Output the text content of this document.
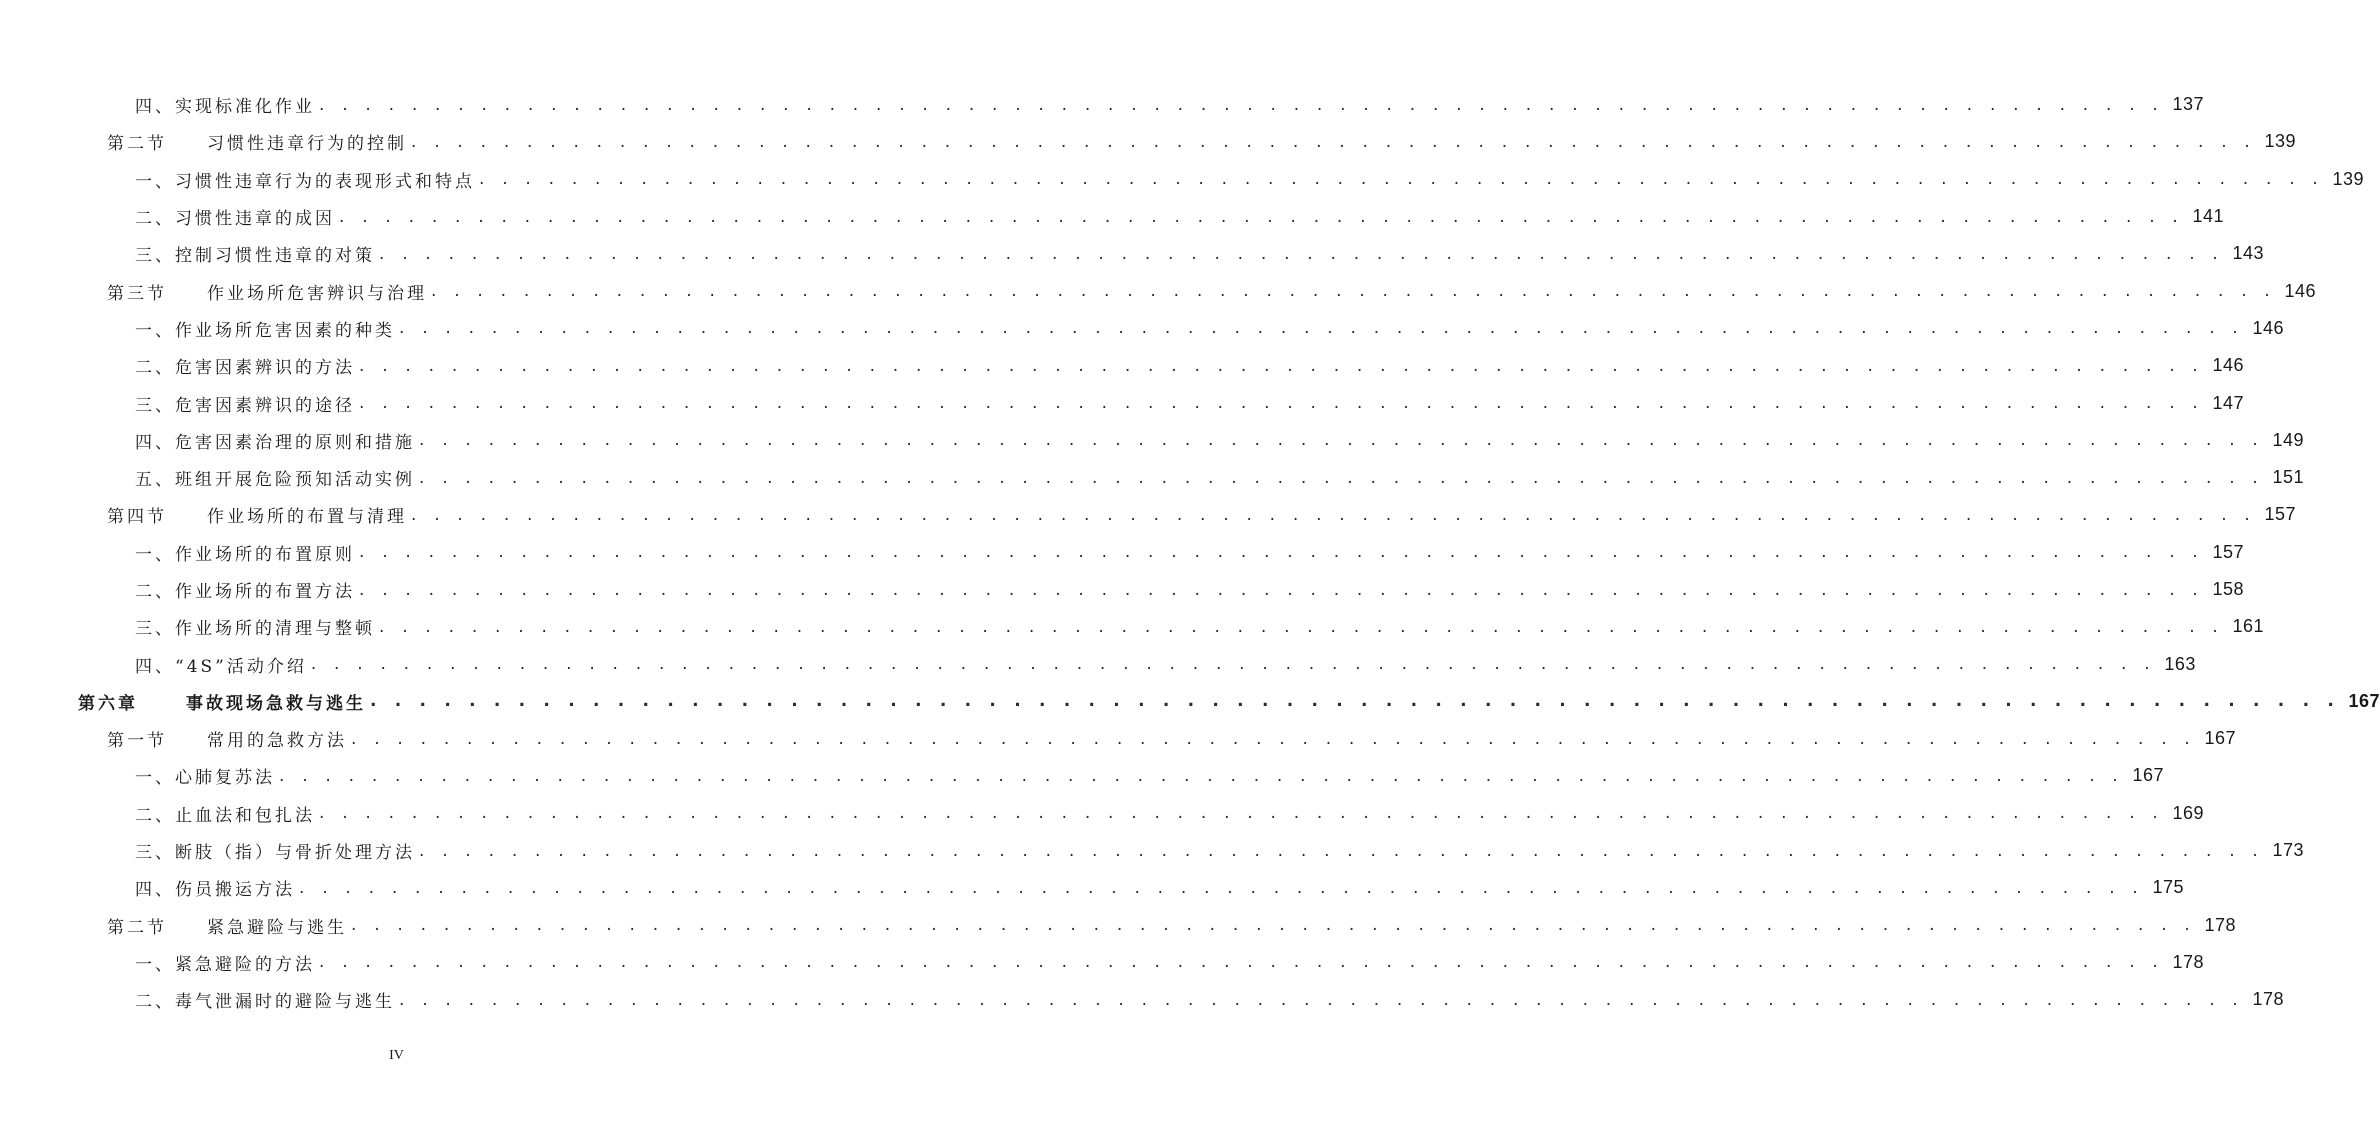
四、实现标准化作业 . . . . . . . . . . . . . . . . . . . . . . . . . . . . . . . . . . . . . . . . . . . . . . . . . . . . . . . . . . . . . . . . . . . . . . . . . . . . . . . . 137
第二节 习惯性违章行为的控制 . . . . . . . . . . . . . . . . . . . . . . . . . . . . . . . . . . . . . . . . . . . . . . . . . . . . . . . . . . . . . . . . . . . . . . . . . . . . . . . . 139
一、习惯性违章行为的表现形式和特点 . . . . . . . . . . . . . . . . . . . . . . . . . . . . . . . . . . . . . . . . . . . . . . . . . . . . . . . . . . . . . . . . . . . . . . . . . . . . . . . . 139
二、习惯性违章的成因 . . . . . . . . . . . . . . . . . . . . . . . . . . . . . . . . . . . . . . . . . . . . . . . . . . . . . . . . . . . . . . . . . . . . . . . . . . . . . . . . 141
三、控制习惯性违章的对策 . . . . . . . . . . . . . . . . . . . . . . . . . . . . . . . . . . . . . . . . . . . . . . . . . . . . . . . . . . . . . . . . . . . . . . . . . . . . . . . . 143
第三节 作业场所危害辨识与治理 . . . . . . . . . . . . . . . . . . . . . . . . . . . . . . . . . . . . . . . . . . . . . . . . . . . . . . . . . . . . . . . . . . . . . . . . . . . . . . . . 146
一、作业场所危害因素的种类 . . . . . . . . . . . . . . . . . . . . . . . . . . . . . . . . . . . . . . . . . . . . . . . . . . . . . . . . . . . . . . . . . . . . . . . . . . . . . . . . 146
二、危害因素辨识的方法 . . . . . . . . . . . . . . . . . . . . . . . . . . . . . . . . . . . . . . . . . . . . . . . . . . . . . . . . . . . . . . . . . . . . . . . . . . . . . . . . 146
三、危害因素辨识的途径 . . . . . . . . . . . . . . . . . . . . . . . . . . . . . . . . . . . . . . . . . . . . . . . . . . . . . . . . . . . . . . . . . . . . . . . . . . . . . . . . 147
四、危害因素治理的原则和措施 . . . . . . . . . . . . . . . . . . . . . . . . . . . . . . . . . . . . . . . . . . . . . . . . . . . . . . . . . . . . . . . . . . . . . . . . . . . . . . . . 149
五、班组开展危险预知活动实例 . . . . . . . . . . . . . . . . . . . . . . . . . . . . . . . . . . . . . . . . . . . . . . . . . . . . . . . . . . . . . . . . . . . . . . . . . . . . . . . . 151
第四节 作业场所的布置与清理 . . . . . . . . . . . . . . . . . . . . . . . . . . . . . . . . . . . . . . . . . . . . . . . . . . . . . . . . . . . . . . . . . . . . . . . . . . . . . . . . 157
一、作业场所的布置原则 . . . . . . . . . . . . . . . . . . . . . . . . . . . . . . . . . . . . . . . . . . . . . . . . . . . . . . . . . . . . . . . . . . . . . . . . . . . . . . . . 157
二、作业场所的布置方法 . . . . . . . . . . . . . . . . . . . . . . . . . . . . . . . . . . . . . . . . . . . . . . . . . . . . . . . . . . . . . . . . . . . . . . . . . . . . . . . . 158
三、作业场所的清理与整顿 . . . . . . . . . . . . . . . . . . . . . . . . . . . . . . . . . . . . . . . . . . . . . . . . . . . . . . . . . . . . . . . . . . . . . . . . . . . . . . . . 161
四、“4S”活动介绍 . . . . . . . . . . . . . . . . . . . . . . . . . . . . . . . . . . . . . . . . . . . . . . . . . . . . . . . . . . . . . . . . . . . . . . . . . . . . . . . . 163
第六章	事故现场急救与逃生 . . . . . . . . . . . . . . . . . . . . . . . . . . . . . . . . . . . . . . . . . . . . . . . . . . . . . . . . . . . . . . . . . . . . . . . . . . . . . . . . 167
第一节 常用的急救方法 . . . . . . . . . . . . . . . . . . . . . . . . . . . . . . . . . . . . . . . . . . . . . . . . . . . . . . . . . . . . . . . . . . . . . . . . . . . . . . . . 167
一、心肺复苏法 . . . . . . . . . . . . . . . . . . . . . . . . . . . . . . . . . . . . . . . . . . . . . . . . . . . . . . . . . . . . . . . . . . . . . . . . . . . . . . . . 167
二、止血法和包扎法 . . . . . . . . . . . . . . . . . . . . . . . . . . . . . . . . . . . . . . . . . . . . . . . . . . . . . . . . . . . . . . . . . . . . . . . . . . . . . . . . 169
三、断肢（指）与骨折处理方法 . . . . . . . . . . . . . . . . . . . . . . . . . . . . . . . . . . . . . . . . . . . . . . . . . . . . . . . . . . . . . . . . . . . . . . . . . . . . . . . . 173
四、伤员搬运方法 . . . . . . . . . . . . . . . . . . . . . . . . . . . . . . . . . . . . . . . . . . . . . . . . . . . . . . . . . . . . . . . . . . . . . . . . . . . . . . . . 175
第二节 紧急避险与逃生 . . . . . . . . . . . . . . . . . . . . . . . . . . . . . . . . . . . . . . . . . . . . . . . . . . . . . . . . . . . . . . . . . . . . . . . . . . . . . . . . 178
一、紧急避险的方法 . . . . . . . . . . . . . . . . . . . . . . . . . . . . . . . . . . . . . . . . . . . . . . . . . . . . . . . . . . . . . . . . . . . . . . . . . . . . . . . . 178
二、毒气泄漏时的避险与逃生 . . . . . . . . . . . . . . . . . . . . . . . . . . . . . . . . . . . . . . . . . . . . . . . . . . . . . . . . . . . . . . . . . . . . . . . . . . . . . . . . 178
IV
